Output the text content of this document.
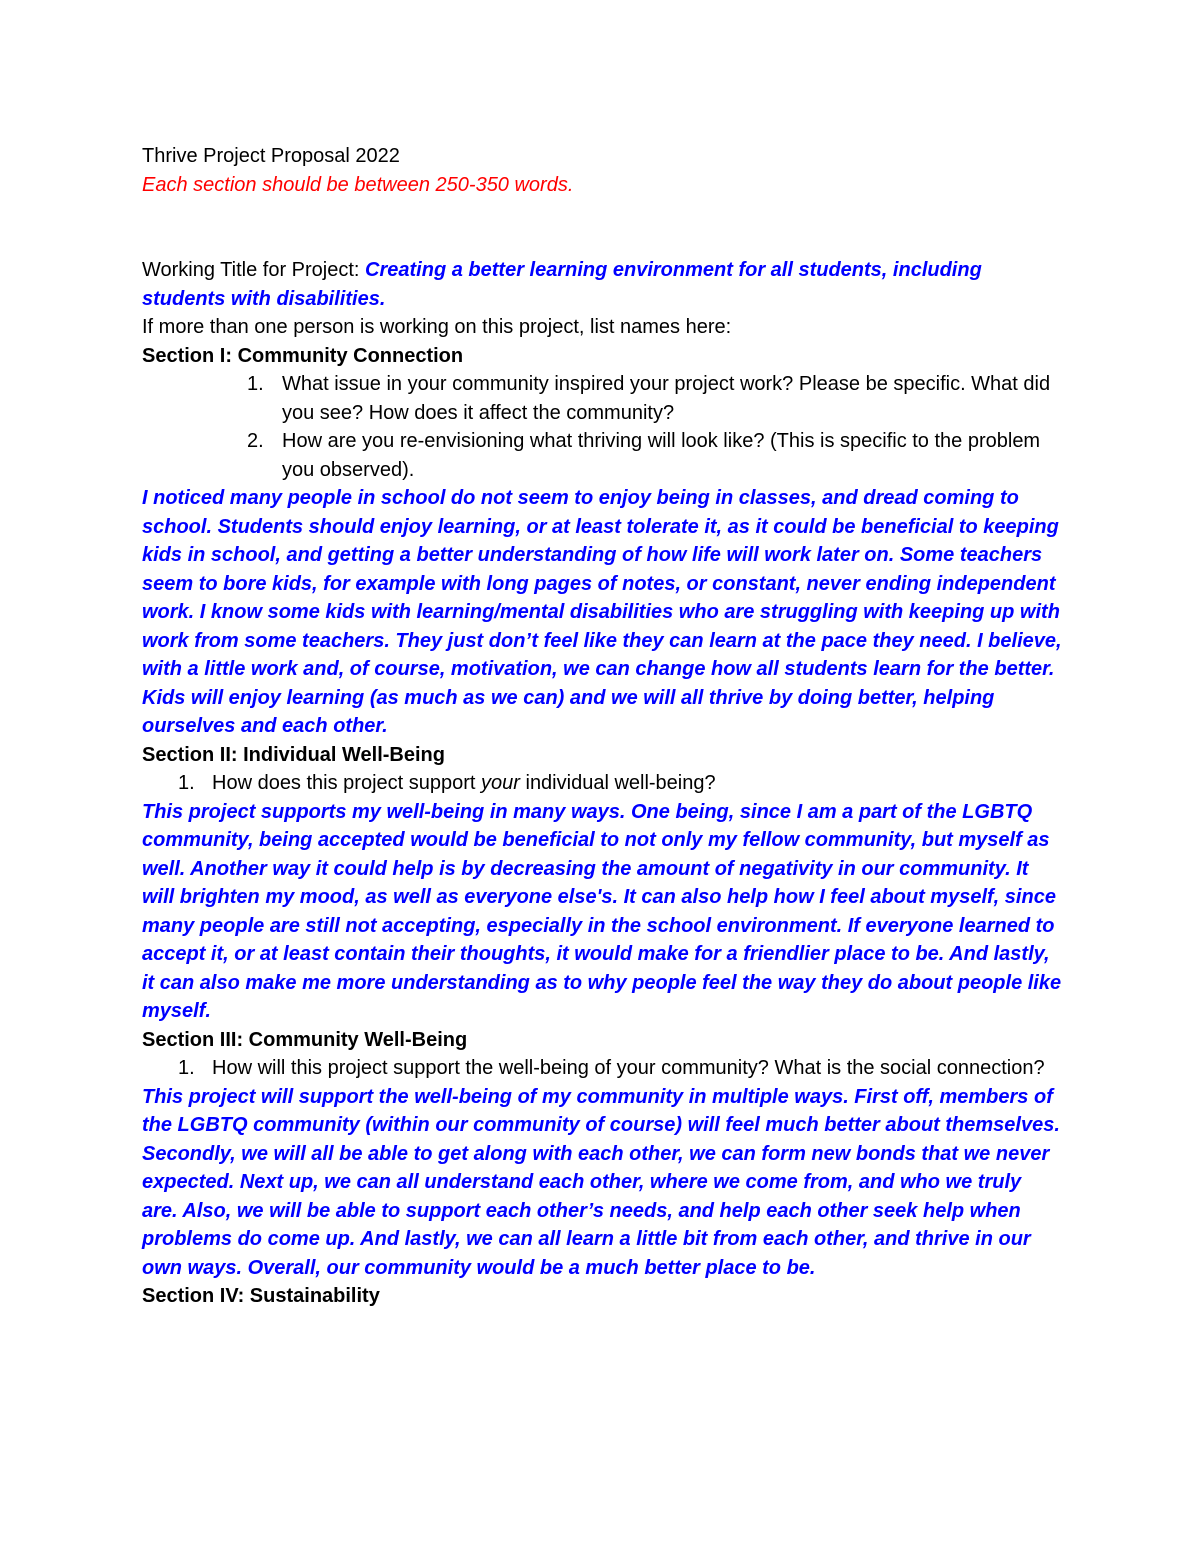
Thrive Project Proposal 2022

Each section should be between 250-350 words.

Working Title for Project: Creating a better learning environment for all students, including students with disabilities.

If more than one person is working on this project, list names here:

Section I: Community Connection

1. What issue in your community inspired your project work? Please be specific. What did you see? How does it affect the community?
2. How are you re-envisioning what thriving will look like? (This is specific to the problem you observed).

I noticed many people in school do not seem to enjoy being in classes, and dread coming to school. Students should enjoy learning, or at least tolerate it, as it could be beneficial to keeping kids in school, and getting a better understanding of how life will work later on. Some teachers seem to bore kids, for example with long pages of notes, or constant, never ending independent work. I know some kids with learning/mental disabilities who are struggling with keeping up with work from some teachers. They just don’t feel like they can learn at the pace they need. I believe, with a little work and, of course, motivation, we can change how all students learn for the better. Kids will enjoy learning (as much as we can) and we will all thrive by doing better, helping ourselves and each other.

Section II: Individual Well-Being

1. How does this project support your individual well-being?

This project supports my well-being in many ways. One being, since I am a part of the LGBTQ community, being accepted would be beneficial to not only my fellow community, but myself as well. Another way it could help is by decreasing the amount of negativity in our community. It will brighten my mood, as well as everyone else's. It can also help how I feel about myself, since many people are still not accepting, especially in the school environment. If everyone learned to accept it, or at least contain their thoughts, it would make for a friendlier place to be. And lastly, it can also make me more understanding as to why people feel the way they do about people like myself.

Section III: Community Well-Being

1. How will this project support the well-being of your community? What is the social connection?

This project will support the well-being of my community in multiple ways. First off, members of the LGBTQ community (within our community of course) will feel much better about themselves. Secondly, we will all be able to get along with each other, we can form new bonds that we never expected. Next up, we can all understand each other, where we come from, and who we truly are. Also, we will be able to support each other’s needs, and help each other seek help when problems do come up. And lastly, we can all learn a little bit from each other, and thrive in our own ways. Overall, our community would be a much better place to be.

Section IV: Sustainability
